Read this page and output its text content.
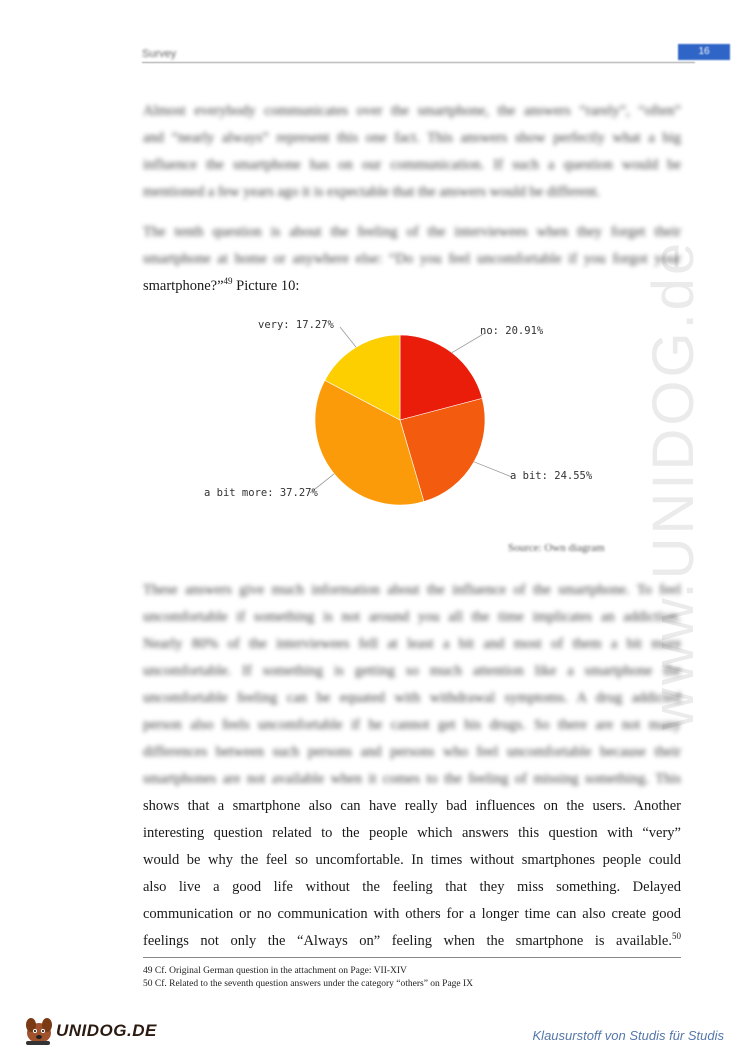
Survey	16
www.UNIDOG.de
Almost everybody communicates over the smartphone, the answers “rarely”, “often”
and “nearly always” represent this one fact. This answers show perfectly what a big
influence the smartphone has on our communication. If such a question would be
mentioned a few years ago it is expectable that the answers would be different.
The tenth question is about the feeling of the interviewees when they forget their
smartphone at home or anywhere else: “Do you feel uncomfortable if you forgot your
smartphone?”$^{49}$ Picture 10:
no: 20.91%
a bit: 24.55%
a bit more: 37.27%
very: 17.27%
Source: Own diagram
These answers give much information about the influence of the smartphone. To feel
uncomfortable if something is not around you all the time implicates an addiction.
Nearly 80% of the interviewees fell at least a bit and most of them a bit more
uncomfortable. If something is getting so much attention like a smartphone the
uncomfortable feeling can be equated with withdrawal symptoms. A drug addicted
person also feels uncomfortable if he cannot get his drugs. So there are not many
differences between such persons and persons who feel uncomfortable because their
smartphones are not available when it comes to the feeling of missing something. This
shows that a smartphone also can have really bad influences on the users. Another
interesting question related to the people which answers this question with “very”
would be why the feel so uncomfortable. In times without smartphones people could
also live a good life without the feeling that they miss something. Delayed
communication or no communication with others for a longer time can also create good
feelings not only the “Always on” feeling when the smartphone is available.$^{50}$
49 Cf. Original German question in the attachment on Page: VII-XIV
50 Cf. Related to the seventh question answers under the category “others” on Page IX
UNIDOG.DE	Klausurstoff von Studis für Studis
